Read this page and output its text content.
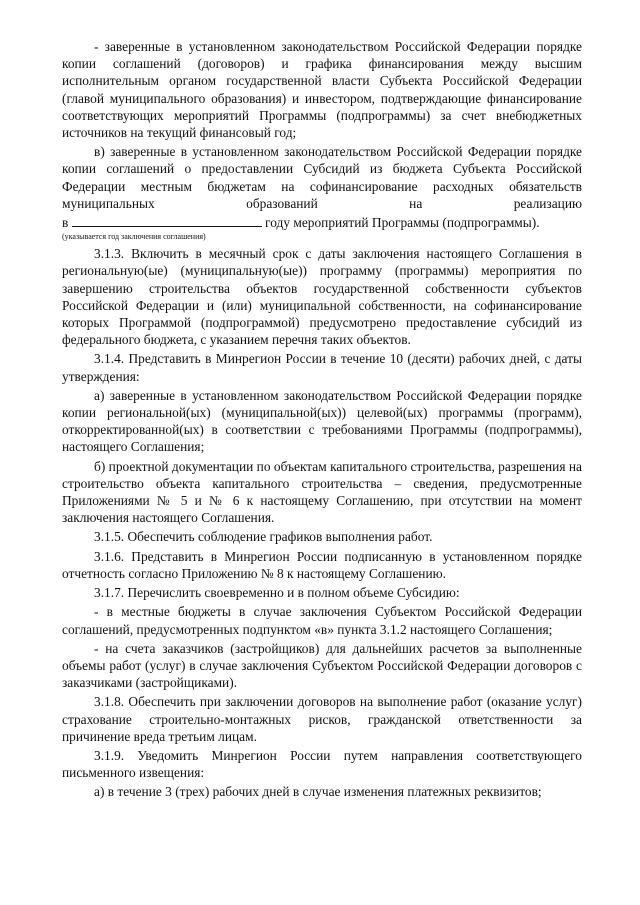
- заверенные в установленном законодательством Российской Федерации порядке копии соглашений (договоров) и графика финансирования между высшим исполнительным органом государственной власти Субъекта Российской Федерации (главой муниципального образования) и инвестором, подтверждающие финансирование соответствующих мероприятий Программы (подпрограммы) за счет внебюджетных источников на текущий финансовый год;

в) заверенные в установленном законодательством Российской Федерации порядке копии соглашений о предоставлении Субсидий из бюджета Субъекта Российской Федерации местным бюджетам на софинансирование расходных обязательств муниципальных образований на реализацию

в	году мероприятий Программы (подпрограммы).

(указывается год заключения соглашения)

3.1.3. Включить в месячный срок с даты заключения настоящего Соглашения в региональную(ые) (муниципальную(ые)) программу (программы) мероприятия по завершению строительства объектов государственной собственности субъектов Российской Федерации и (или) муниципальной собственности, на софинансирование которых Программой (подпрограммой) предусмотрено предоставление субсидий из федерального бюджета, с указанием перечня таких объектов.

3.1.4. Представить в Минрегион России в течение 10 (десяти) рабочих дней, с даты утверждения:

а) заверенные в установленном законодательством Российской Федерации порядке копии региональной(ых) (муниципальной(ых)) целевой(ых) программы (программ), откорректированной(ых) в соответствии с требованиями Программы (подпрограммы), настоящего Соглашения;

б) проектной документации по объектам капитального строительства, разрешения на строительство объекта капитального строительства – сведения, предусмотренные Приложениями № 5 и № 6 к настоящему Соглашению, при отсутствии на момент заключения настоящего Соглашения.

3.1.5. Обеспечить соблюдение графиков выполнения работ.

3.1.6. Представить в Минрегион России подписанную в установленном порядке отчетность согласно Приложению № 8 к настоящему Соглашению.

3.1.7. Перечислить своевременно и в полном объеме Субсидию:

- в местные бюджеты в случае заключения Субъектом Российской Федерации соглашений, предусмотренных подпунктом «в» пункта 3.1.2 настоящего Соглашения;

- на счета заказчиков (застройщиков) для дальнейших расчетов за выполненные объемы работ (услуг) в случае заключения Субъектом Российской Федерации договоров с заказчиками (застройщиками).

3.1.8. Обеспечить при заключении договоров на выполнение работ (оказание услуг) страхование строительно-монтажных рисков, гражданской ответственности за причинение вреда третьим лицам.

3.1.9. Уведомить Минрегион России путем направления соответствующего письменного извещения:

а) в течение 3 (трех) рабочих дней в случае изменения платежных реквизитов;
